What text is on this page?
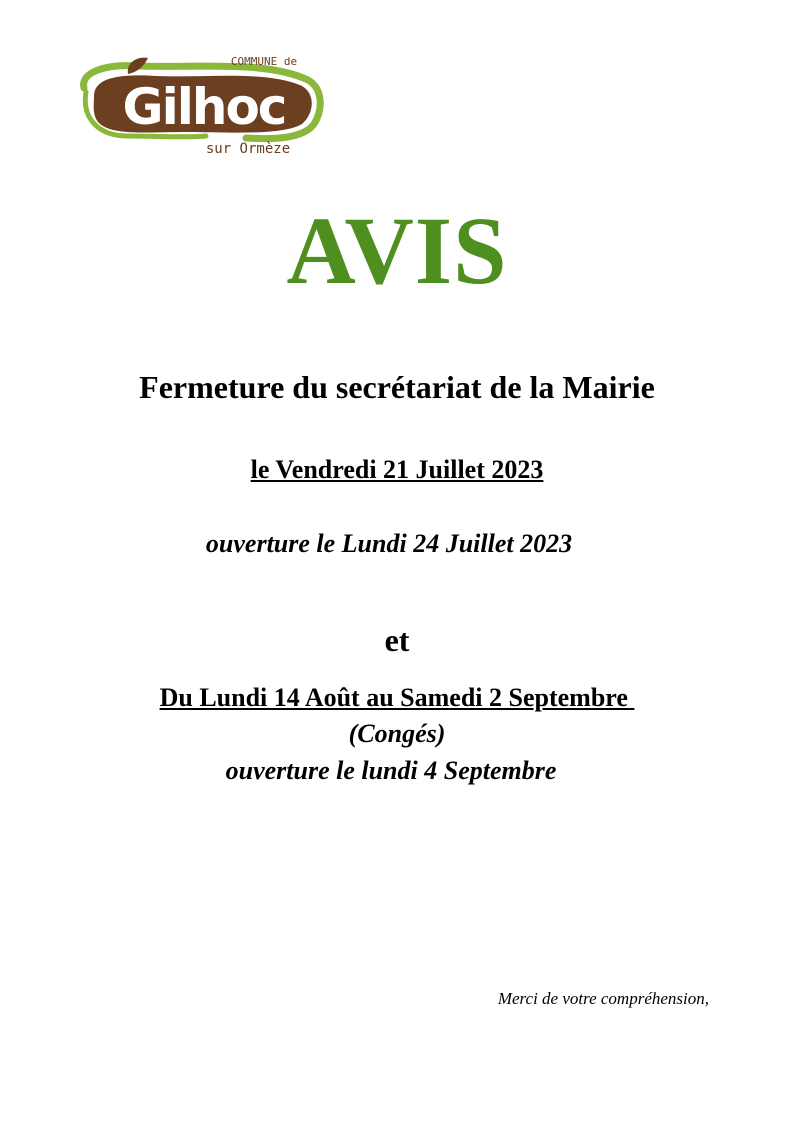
Gilhoc
COMMUNE de
sur Ormèze
AVIS
Fermeture du secrétariat de la Mairie
le Vendredi 21 Juillet 2023
ouverture le Lundi 24 Juillet 2023
et
Du Lundi 14 Août au Samedi 2 Septembre
(Congés)
ouverture le lundi 4 Septembre
Merci de votre compréhension,
